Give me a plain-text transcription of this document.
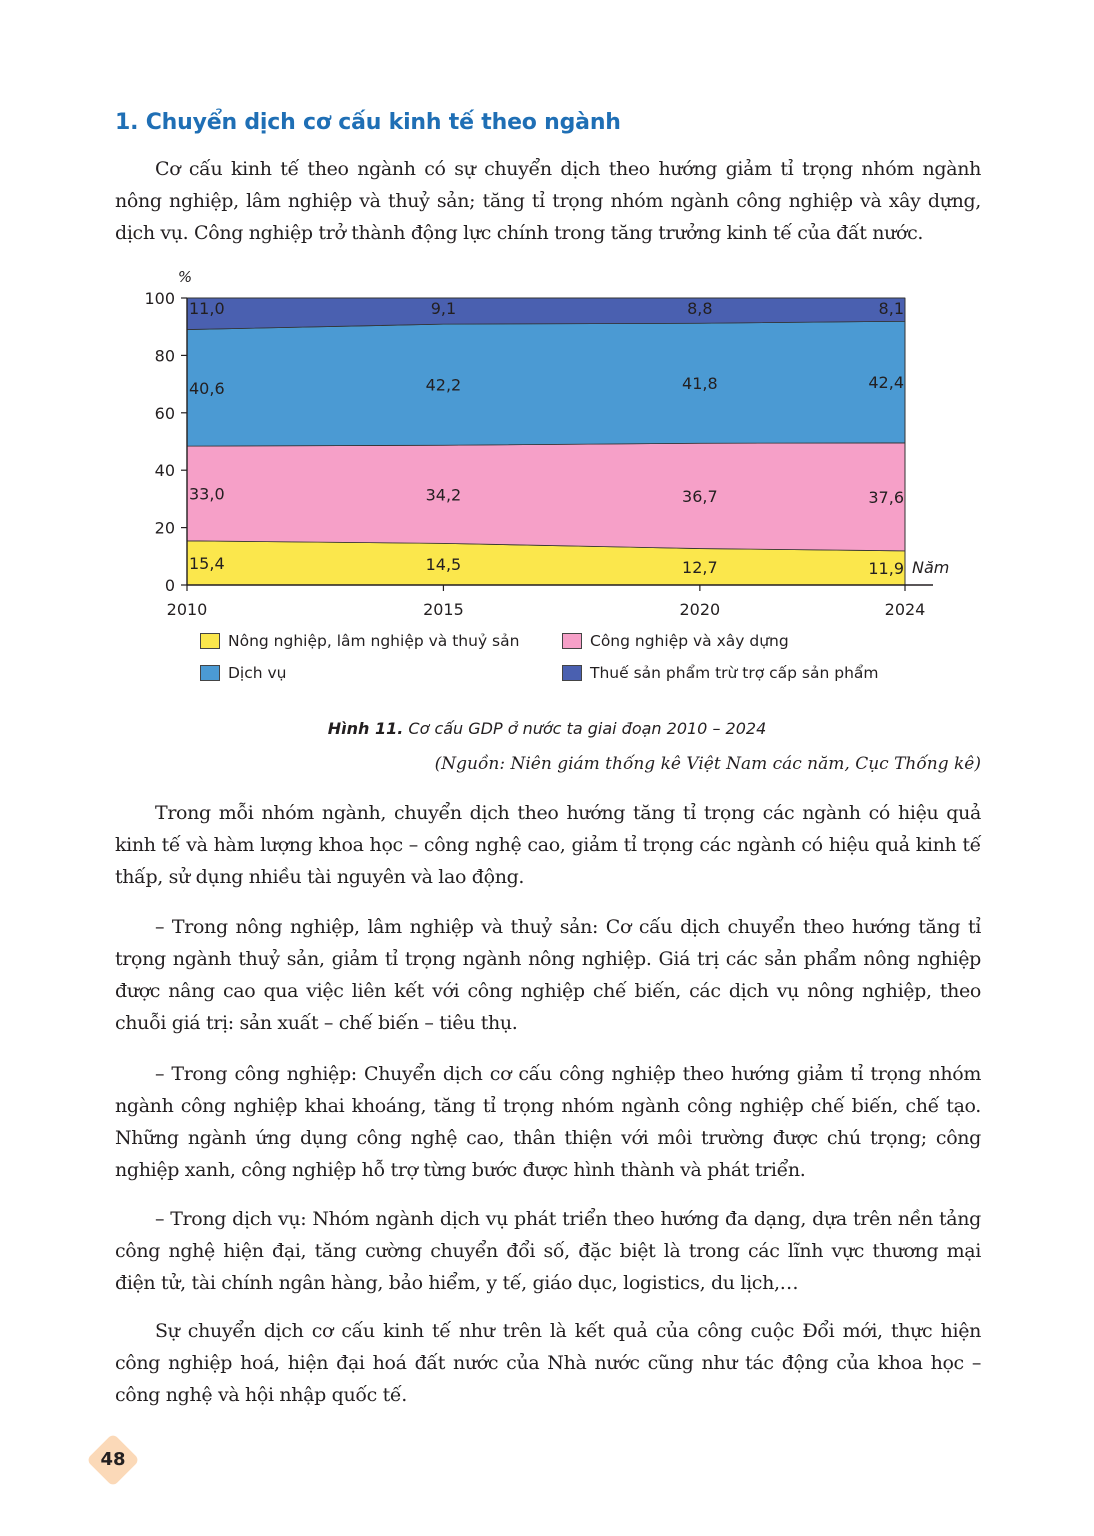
1. Chuyển dịch cơ cấu kinh tế theo ngành

Cơ cấu kinh tế theo ngành có sự chuyển dịch theo hướng giảm tỉ trọng nhóm ngành nông nghiệp, lâm nghiệp và thuỷ sản; tăng tỉ trọng nhóm ngành công nghiệp và xây dựng, dịch vụ. Công nghiệp trở thành động lực chính trong tăng trưởng kinh tế của đất nước.

15,4	14,5	12,7	11,9
33,0	34,2	36,7	37,6
40,6	42,2	41,8	42,4
11,0	9,1	8,8	8,1
0
20
40
60
80
100
2010	2015	2020	2024
%
Năm
Nông nghiệp, lâm nghiệp và thuỷ sản	Công nghiệp và xây dựng
Dịch vụ	Thuế sản phẩm trừ trợ cấp sản phẩm
Hình 11. Cơ cấu GDP ở nước ta giai đoạn 2010 – 2024
(Nguồn: Niên giám thống kê Việt Nam các năm, Cục Thống kê)

Trong mỗi nhóm ngành, chuyển dịch theo hướng tăng tỉ trọng các ngành có hiệu quả kinh tế và hàm lượng khoa học – công nghệ cao, giảm tỉ trọng các ngành có hiệu quả kinh tế thấp, sử dụng nhiều tài nguyên và lao động.

– Trong nông nghiệp, lâm nghiệp và thuỷ sản: Cơ cấu dịch chuyển theo hướng tăng tỉ trọng ngành thuỷ sản, giảm tỉ trọng ngành nông nghiệp. Giá trị các sản phẩm nông nghiệp được nâng cao qua việc liên kết với công nghiệp chế biến, các dịch vụ nông nghiệp, theo chuỗi giá trị: sản xuất – chế biến – tiêu thụ.

– Trong công nghiệp: Chuyển dịch cơ cấu công nghiệp theo hướng giảm tỉ trọng nhóm ngành công nghiệp khai khoáng, tăng tỉ trọng nhóm ngành công nghiệp chế biến, chế tạo. Những ngành ứng dụng công nghệ cao, thân thiện với môi trường được chú trọng; công nghiệp xanh, công nghiệp hỗ trợ từng bước được hình thành và phát triển.

– Trong dịch vụ: Nhóm ngành dịch vụ phát triển theo hướng đa dạng, dựa trên nền tảng công nghệ hiện đại, tăng cường chuyển đổi số, đặc biệt là trong các lĩnh vực thương mại điện tử, tài chính ngân hàng, bảo hiểm, y tế, giáo dục, logistics, du lịch,…

Sự chuyển dịch cơ cấu kinh tế như trên là kết quả của công cuộc Đổi mới, thực hiện công nghiệp hoá, hiện đại hoá đất nước của Nhà nước cũng như tác động của khoa học – công nghệ và hội nhập quốc tế.

48
